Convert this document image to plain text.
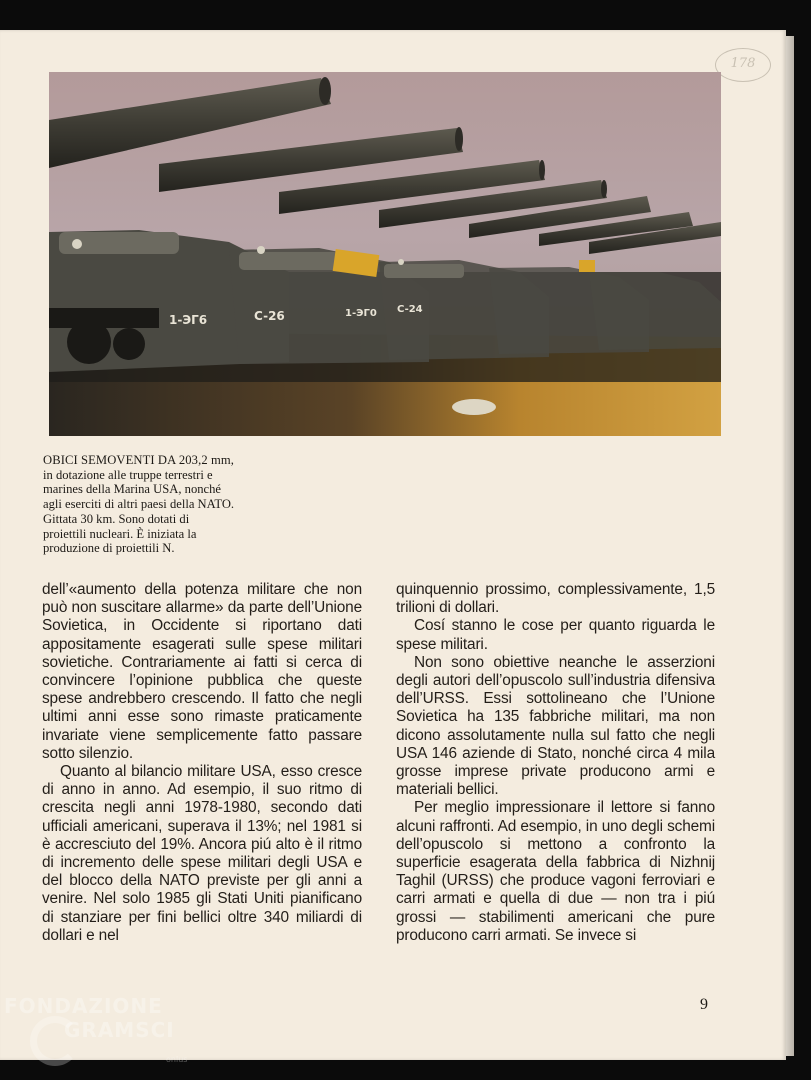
178
1-ЭГ6	C-26	1-ЭГ0 C-24
OBICI SEMOVENTI DA 203,2 mm,
in dotazione alle truppe terrestri e
marines della Marina USA, nonché
agli eserciti di altri paesi della NATO.
Gittata 30 km. Sono dotati di
proiettili nucleari. È iniziata la
produzione di proiettili N.

dell’«aumento della potenza militare che non può non suscitare allarme» da parte dell’Unione Sovietica, in Occidente si riportano dati appositamente esagerati sulle spese militari sovietiche. Contrariamente ai fatti si cerca di convincere l’opinione pubblica che queste spese andrebbero crescendo. Il fatto che negli ultimi anni esse sono rimaste praticamente invariate viene semplicemente fatto passare sotto silenzio.

Quanto al bilancio militare USA, esso cresce di anno in anno. Ad esempio, il suo ritmo di crescita negli anni 1978-1980, secondo dati ufficiali americani, superava il 13%; nel 1981 si è accresciuto del 19%. Ancora piú alto è il ritmo di incremento delle spese militari degli USA e del blocco della NATO previste per gli anni a venire. Nel solo 1985 gli Stati Uniti pianificano di stanziare per fini bellici oltre 340 miliardi di dollari e nel

quinquennio prossimo, complessivamente, 1,5 trilioni di dollari.

Cosí stanno le cose per quanto riguarda le spese militari.

Non sono obiettive neanche le asserzioni degli autori dell’opuscolo sull’industria difensiva dell’URSS. Essi sottolineano che l’Unione Sovietica ha 135 fabbriche militari, ma non dicono assolutamente nulla sul fatto che negli USA 146 aziende di Stato, nonché circa 4 mila grosse imprese private producono armi e materiali bellici.

Per meglio impressionare il lettore si fanno alcuni raffronti. Ad esempio, in uno degli schemi dell’opuscolo si mettono a confronto la superficie esagerata della fabbrica di Nizhnij Taghil (URSS) che produce vagoni ferroviari e carri armati e quella di due — non tra i piú grossi — stabilimenti americani che pure producono carri armati. Se invece si

9
FONDAZIONE
GRAMSCI
onlus
